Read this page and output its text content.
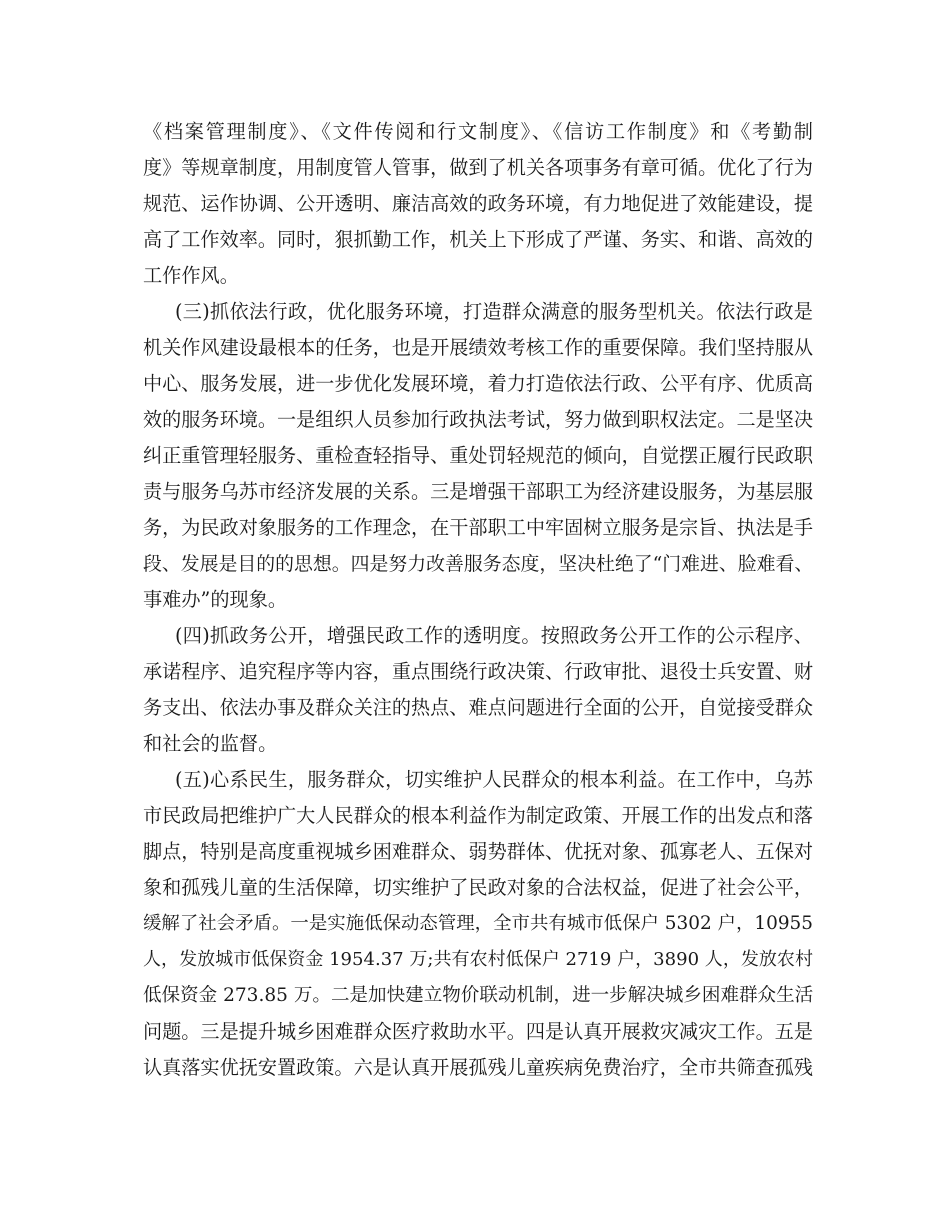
《档案管理制度》、《文件传阅和行文制度》、《信访工作制度》和《考勤制
度》等规章制度，用制度管人管事，做到了机关各项事务有章可循。优化了行为
规范、运作协调、公开透明、廉洁高效的政务环境，有力地促进了效能建设，提
高了工作效率。同时，狠抓勤工作，机关上下形成了严谨、务实、和谐、高效的
工作作风。
(三)抓依法行政，优化服务环境，打造群众满意的服务型机关。依法行政是
机关作风建设最根本的任务，也是开展绩效考核工作的重要保障。我们坚持服从
中心、服务发展，进一步优化发展环境，着力打造依法行政、公平有序、优质高
效的服务环境。一是组织人员参加行政执法考试，努力做到职权法定。二是坚决
纠正重管理轻服务、重检查轻指导、重处罚轻规范的倾向，自觉摆正履行民政职
责与服务乌苏市经济发展的关系。三是增强干部职工为经济建设服务，为基层服
务，为民政对象服务的工作理念，在干部职工中牢固树立服务是宗旨、执法是手
段、发展是目的的思想。四是努力改善服务态度，坚决杜绝了“门难进、脸难看、
事难办”的现象。
(四)抓政务公开，增强民政工作的透明度。按照政务公开工作的公示程序、
承诺程序、追究程序等内容，重点围绕行政决策、行政审批、退役士兵安置、财
务支出、依法办事及群众关注的热点、难点问题进行全面的公开，自觉接受群众
和社会的监督。
(五)心系民生，服务群众，切实维护人民群众的根本利益。在工作中，乌苏
市民政局把维护广大人民群众的根本利益作为制定政策、开展工作的出发点和落
脚点，特别是高度重视城乡困难群众、弱势群体、优抚对象、孤寡老人、五保对
象和孤残儿童的生活保障，切实维护了民政对象的合法权益，促进了社会公平，
缓解了社会矛盾。一是实施低保动态管理，全市共有城市低保户 5302 户，10955
人，发放城市低保资金 1954.37 万;共有农村低保户 2719 户，3890 人，发放农村
低保资金 273.85 万。二是加快建立物价联动机制，进一步解决城乡困难群众生活
问题。三是提升城乡困难群众医疗救助水平。四是认真开展救灾减灾工作。五是
认真落实优抚安置政策。六是认真开展孤残儿童疾病免费治疗，全市共筛查孤残
